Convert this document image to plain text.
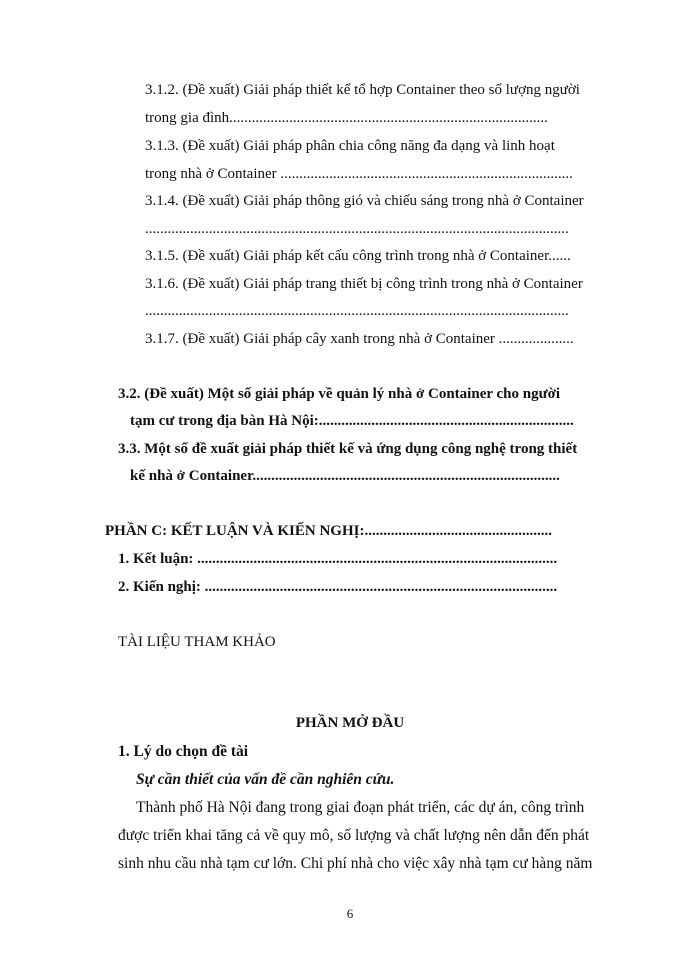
3.1.2. (Đề xuất) Giải pháp thiết kế tổ hợp Container theo số lượng người
trong gia đình.....................................................................................
3.1.3. (Đề xuất) Giải pháp phân chia công năng đa dạng và linh hoạt
trong nhà ở Container ..............................................................................
3.1.4. (Đề xuất) Giải pháp thông gió và chiếu sáng trong nhà ở Container
.................................................................................................................
3.1.5. (Đề xuất) Giải pháp kết cấu công trình trong nhà ở Container......
3.1.6. (Đề xuất) Giải pháp trang thiết bị công trình trong nhà ở Container
.................................................................................................................
3.1.7. (Đề xuất) Giải pháp cây xanh trong nhà ở Container ....................
3.2. (Đề xuất) Một số giải pháp về quản lý nhà ở Container cho người
tạm cư trong địa bàn Hà Nội:....................................................................
3.3. Một số đề xuất giải pháp thiết kế và ứng dụng công nghệ trong thiết
kế nhà ở Container..................................................................................
PHẦN C: KẾT LUẬN VÀ KIẾN NGHỊ:..................................................
1. Kết luận: ................................................................................................
2. Kiến nghị: ..............................................................................................
TÀI LIỆU THAM KHẢO
PHẦN MỞ ĐẦU
1. Lý do chọn đề tài
Sự cần thiết của vấn đề cần nghiên cứu.
Thành phố Hà Nội đang trong giai đoạn phát triển, các dự án, công trình
được triển khai tăng cả về quy mô, số lượng và chất lượng nên dẫn đến phát
sinh nhu cầu nhà tạm cư lớn. Chi phí nhà cho việc xây nhà tạm cư hàng năm
6
